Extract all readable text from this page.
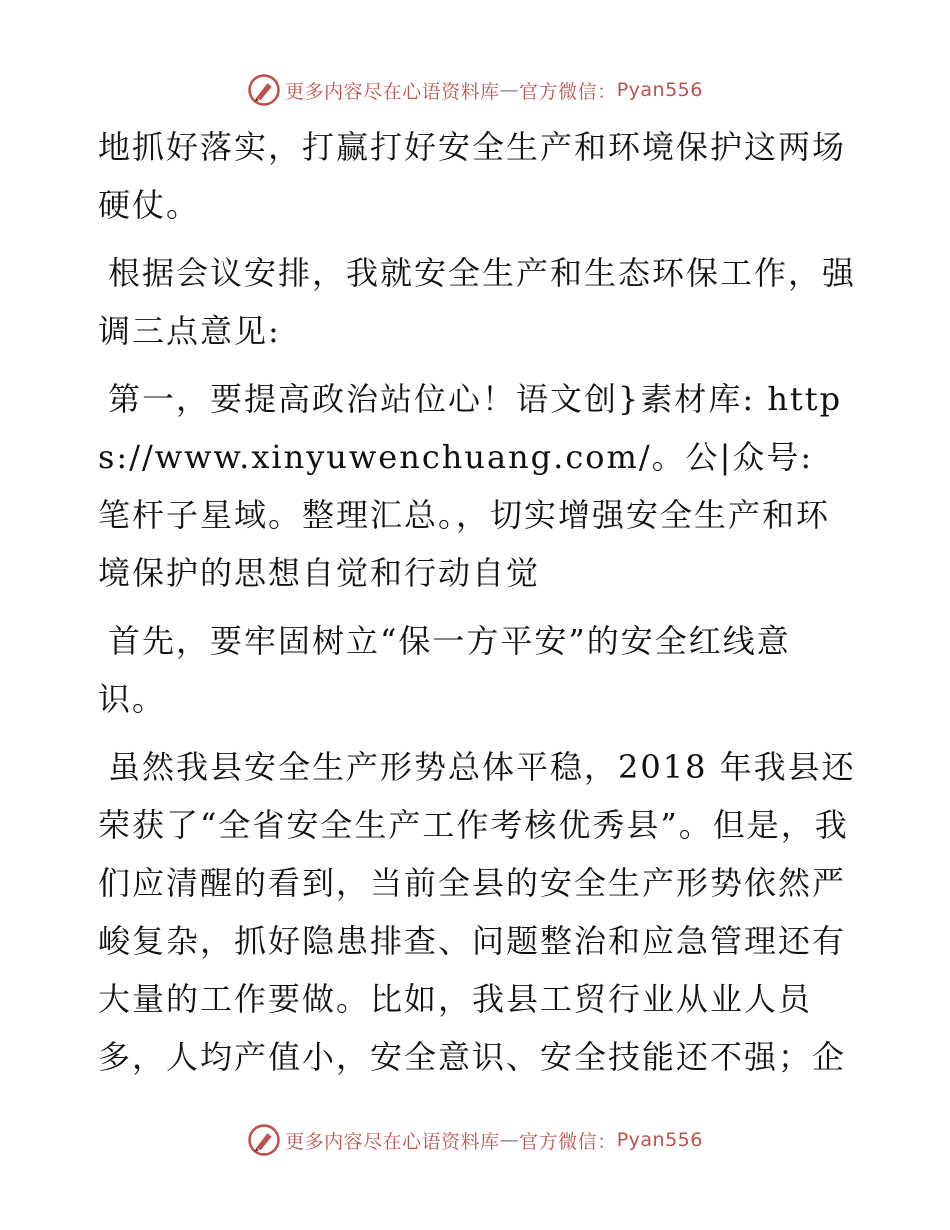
更多内容尽在心语资料库 — 官方微信： Pyan556

地抓好落实，打赢打好安全生产和环境保护这两场硬仗。

根据会议安排，我就安全生产和生态环保工作，强调三点意见:

第一，要提高政治站位心！语文创}素材库: https://www.xinyuwenchuang.com/。公|众号: 笔杆子星域。整理汇总。，切实增强安全生产和环境保护的思想自觉和行动自觉

首先，要牢固树立“保一方平安”的安全红线意识。

虽然我县安全生产形势总体平稳，2018 年我县还荣获了“全省安全生产工作考核优秀县”。但是，我们应清醒的看到，当前全县的安全生产形势依然严峻复杂，抓好隐患排查、问题整治和应急管理还有大量的工作要做。比如，我县工贸行业从业人员多，人均产值小，安全意识、安全技能还不强；企

更多内容尽在心语资料库 — 官方微信： Pyan556
